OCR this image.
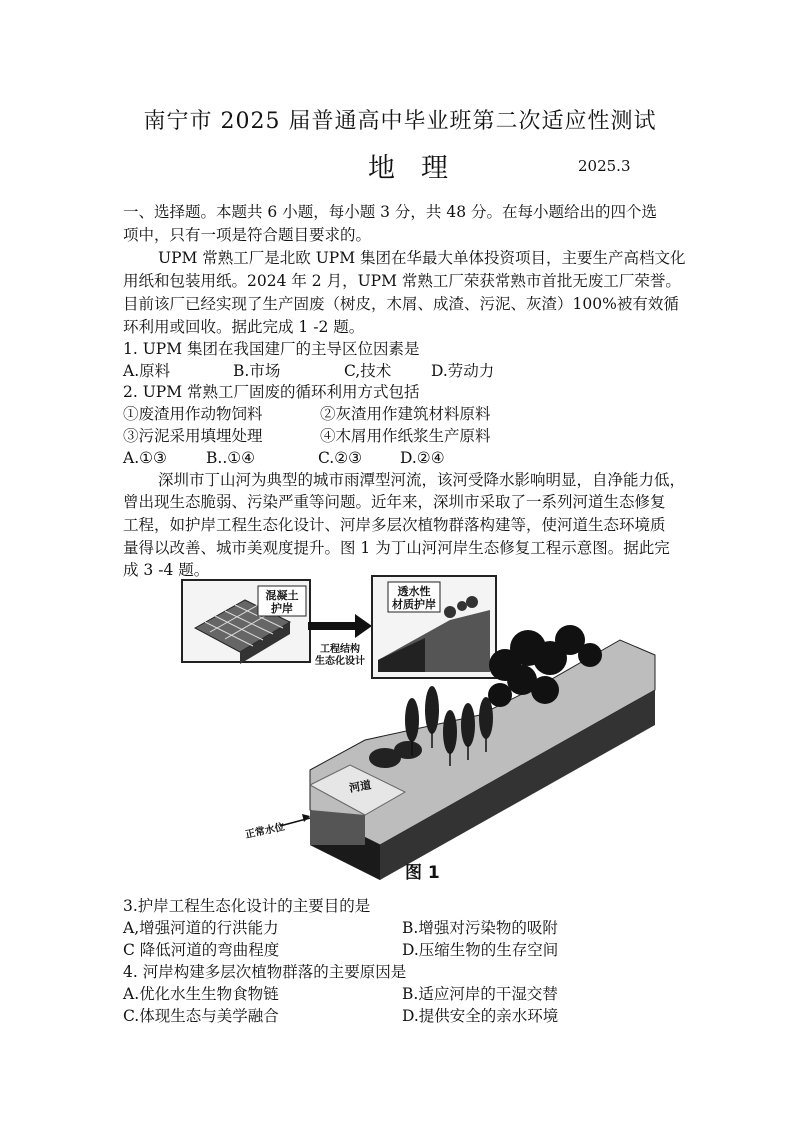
南宁市 2025 届普通高中毕业班第二次适应性测试
地理	2025.3
一、选择题。本题共 6 小题，每小题 3 分，共 48 分。在每小题给出的四个选
项中，只有一项是符合题目要求的。
UPM 常熟工厂是北欧 UPM 集团在华最大单体投资项目，主要生产高档文化
用纸和包装用纸。2024 年 2 月，UPM 常熟工厂荣获常熟市首批无废工厂荣誉。
目前该厂已经实现了生产固废（树皮，木屑、成渣、污泥、灰渣）100%被有效循
环利用或回收。据此完成 1 -2 题。
1. UPM 集团在我国建厂的主导区位因素是
A.原料	B.市场	C,技术	D.劳动力
2. UPM 常熟工厂固废的循环利用方式包括
①废渣用作动物饲料	②灰渣用作建筑材料原料
③污泥采用填埋处理	④木屑用作纸浆生产原料
A.①③	B..①④	C.②③ D.②④
深圳市丁山河为典型的城市雨潭型河流，该河受降水影响明显，自净能力低，
曾出现生态脆弱、污染严重等问题。近年来，深圳市采取了一系列河道生态修复
工程，如护岸工程生态化设计、河岸多层次植物群落构建等，使河道生态环境质
量得以改善、城市美观度提升。图 1 为丁山河河岸生态修复工程示意图。据此完
成 3 -4 题。
混凝土
护岸
工程结构
生态化设计
透水性
材质护岸
河道
正常水位
图 1
3.护岸工程生态化设计的主要目的是
A,增强河道的行洪能力	B.增强对污染物的吸附
C 降低河道的弯曲程度	D.压缩生物的生存空间
4. 河岸构建多层次植物群落的主要原因是
A.优化水生生物食物链	B.适应河岸的干湿交替
C.体现生态与美学融合	D.提供安全的亲水环境
